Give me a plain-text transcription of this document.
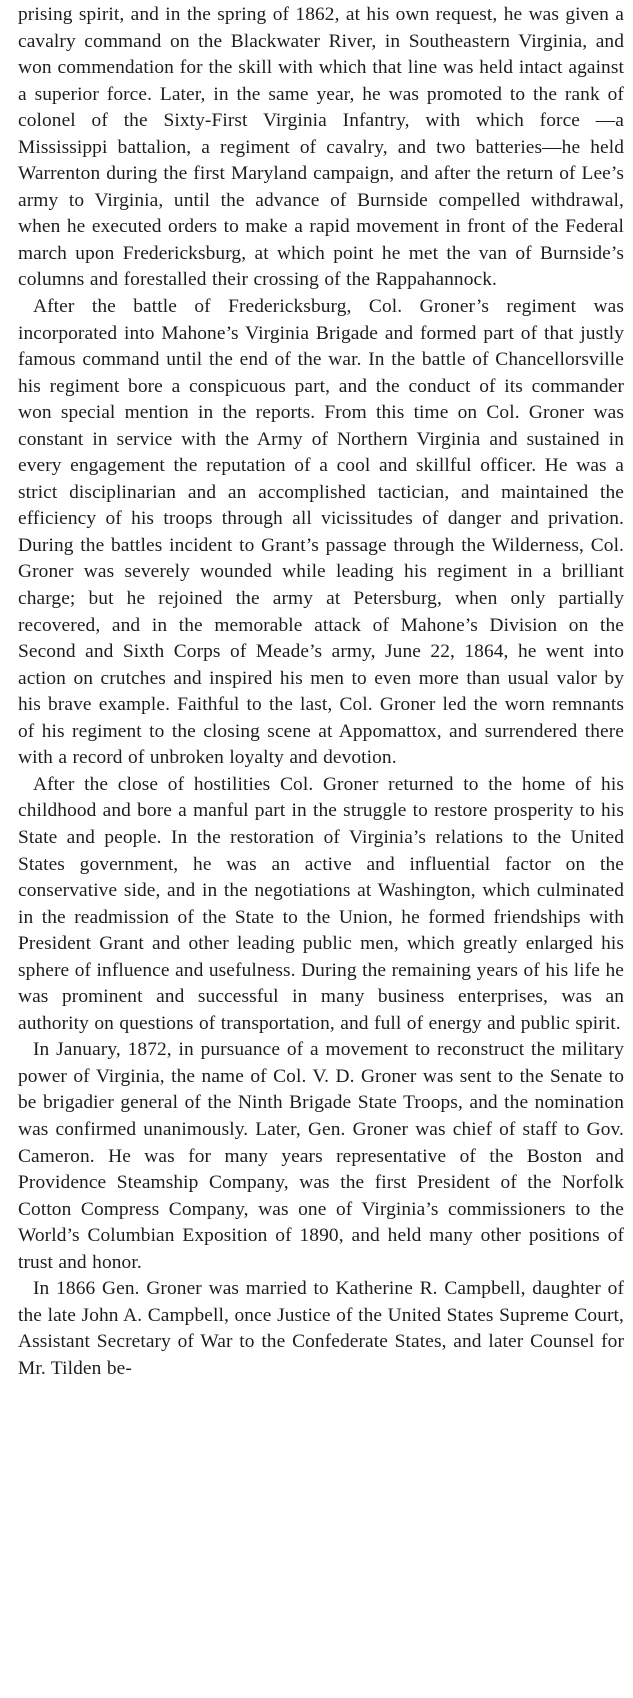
prising spirit, and in the spring of 1862, at his own request, he was given a cavalry command on the Blackwater River, in Southeastern Virginia, and won commendation for the skill with which that line was held intact against a superior force. Later, in the same year, he was promoted to the rank of colonel of the Sixty-First Virginia Infantry, with which force —a Mississippi battalion, a regiment of cavalry, and two batteries—he held Warrenton during the first Maryland campaign, and after the return of Lee’s army to Virginia, until the advance of Burnside compelled withdrawal, when he executed orders to make a rapid movement in front of the Federal march upon Fredericksburg, at which point he met the van of Burnside’s columns and forestalled their crossing of the Rappahannock.

After the battle of Fredericksburg, Col. Groner’s regiment was incorporated into Mahone’s Virginia Brigade and formed part of that justly famous command until the end of the war. In the battle of Chancellorsville his regiment bore a conspicuous part, and the conduct of its commander won special mention in the reports. From this time on Col. Groner was constant in service with the Army of Northern Virginia and sustained in every engagement the reputation of a cool and skillful officer. He was a strict disciplinarian and an accomplished tactician, and maintained the efficiency of his troops through all vicissitudes of danger and privation. During the battles incident to Grant’s passage through the Wilderness, Col. Groner was severely wounded while leading his regiment in a brilliant charge; but he rejoined the army at Petersburg, when only partially recovered, and in the memorable attack of Mahone’s Division on the Second and Sixth Corps of Meade’s army, June 22, 1864, he went into action on crutches and inspired his men to even more than usual valor by his brave example. Faithful to the last, Col. Groner led the worn remnants of his regiment to the closing scene at Appomattox, and surrendered there with a record of unbroken loyalty and devotion.

After the close of hostilities Col. Groner returned to the home of his childhood and bore a manful part in the struggle to restore prosperity to his State and people. In the restoration of Virginia’s relations to the United States government, he was an active and influential factor on the conservative side, and in the negotiations at Washington, which culminated in the readmission of the State to the Union, he formed friendships with President Grant and other leading public men, which greatly enlarged his sphere of influence and usefulness. During the remaining years of his life he was prominent and successful in many business enterprises, was an authority on questions of transportation, and full of energy and public spirit.

In January, 1872, in pursuance of a movement to reconstruct the military power of Virginia, the name of Col. V. D. Groner was sent to the Senate to be brigadier general of the Ninth Brigade State Troops, and the nomination was confirmed unanimously. Later, Gen. Groner was chief of staff to Gov. Cameron. He was for many years representative of the Boston and Providence Steamship Company, was the first President of the Norfolk Cotton Compress Company, was one of Virginia’s commissioners to the World’s Columbian Exposition of 1890, and held many other positions of trust and honor.

In 1866 Gen. Groner was married to Katherine R. Campbell, daughter of the late John A. Campbell, once Justice of the United States Supreme Court, Assistant Secretary of War to the Confederate States, and later Counsel for Mr. Tilden be-
